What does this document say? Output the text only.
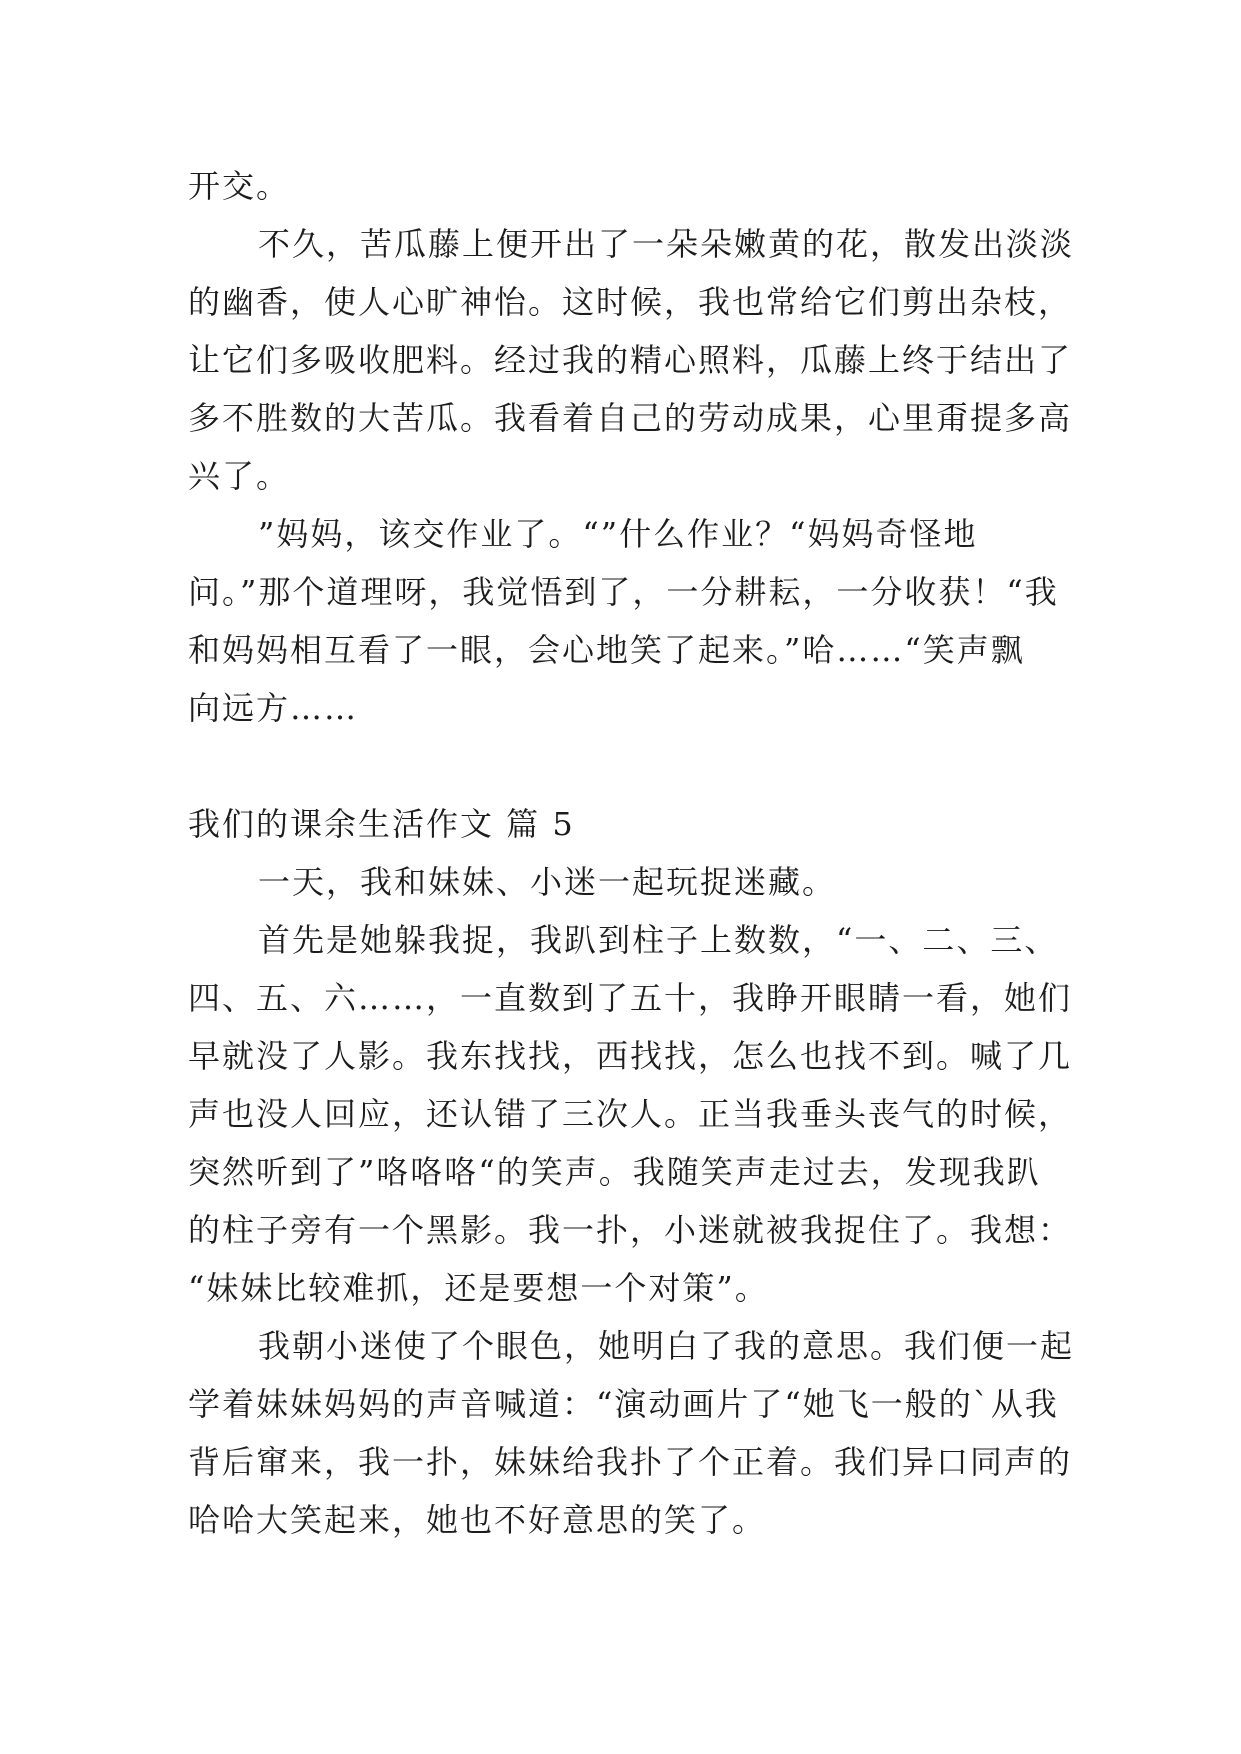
开交。
不久，苦瓜藤上便开出了一朵朵嫩黄的花，散发出淡淡
的幽香，使人心旷神怡。这时候，我也常给它们剪出杂枝，
让它们多吸收肥料。经过我的精心照料，瓜藤上终于结出了
多不胜数的大苦瓜。我看着自己的劳动成果，心里甭提多高
兴了。
”妈妈，该交作业了。“”什么作业？“妈妈奇怪地
问。”那个道理呀，我觉悟到了，一分耕耘，一分收获！“我
和妈妈相互看了一眼，会心地笑了起来。”哈……“笑声飘
向远方……
我们的课余生活作文 篇 5
一天，我和妹妹、小迷一起玩捉迷藏。
首先是她躲我捉，我趴到柱子上数数，“一、二、三、
四、五、六……，一直数到了五十，我睁开眼睛一看，她们
早就没了人影。我东找找，西找找，怎么也找不到。喊了几
声也没人回应，还认错了三次人。正当我垂头丧气的时候，
突然听到了”咯咯咯“的笑声。我随笑声走过去，发现我趴
的柱子旁有一个黑影。我一扑，小迷就被我捉住了。我想：
“妹妹比较难抓，还是要想一个对策”。
我朝小迷使了个眼色，她明白了我的意思。我们便一起
学着妹妹妈妈的声音喊道：“演动画片了“她飞一般的`从我
背后窜来，我一扑，妹妹给我扑了个正着。我们异口同声的
哈哈大笑起来，她也不好意思的笑了。
